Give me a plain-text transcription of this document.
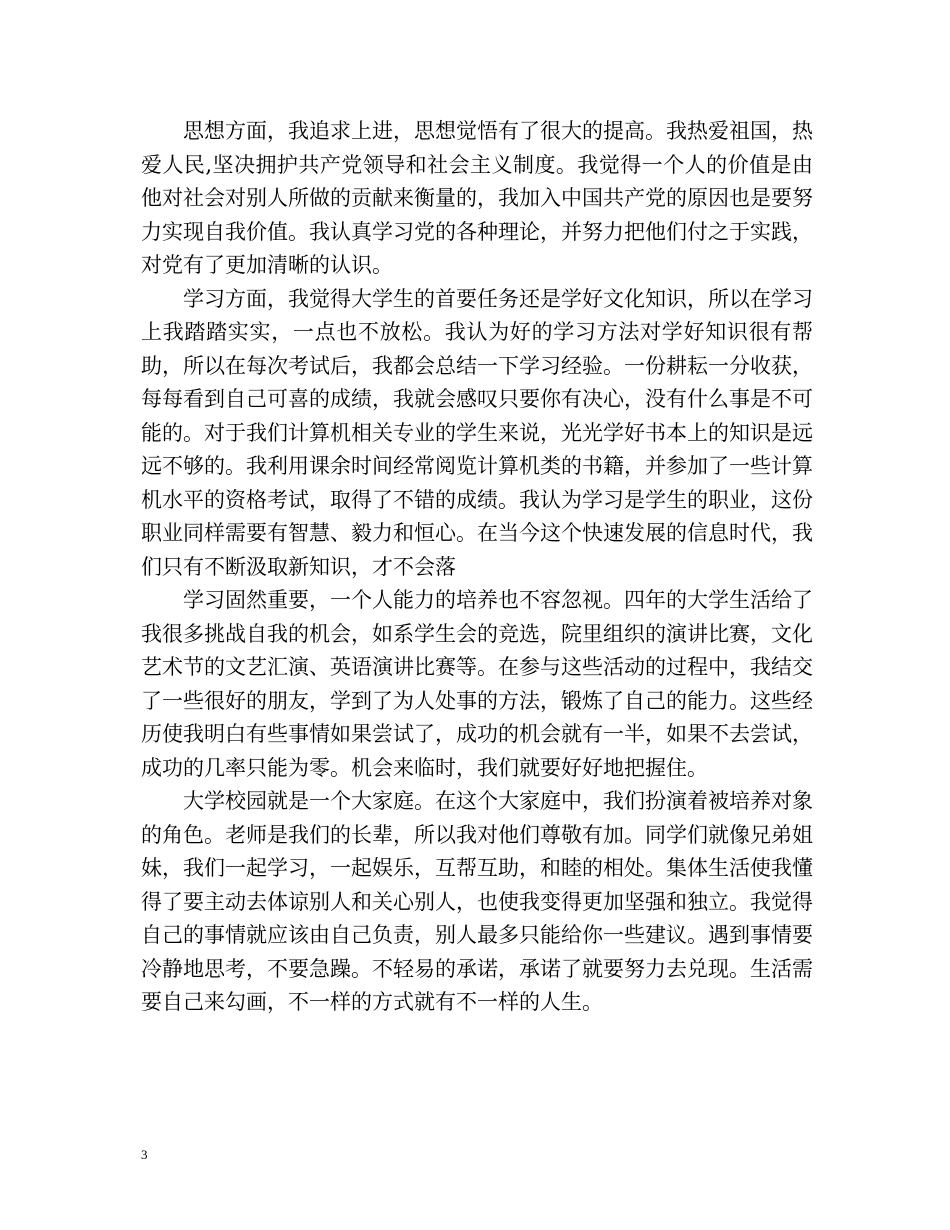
思想方面，我追求上进，思想觉悟有了很大的提高。我热爱祖国，热爱人民,坚决拥护共产党领导和社会主义制度。我觉得一个人的价值是由他对社会对别人所做的贡献来衡量的，我加入中国共产党的原因也是要努力实现自我价值。我认真学习党的各种理论，并努力把他们付之于实践，对党有了更加清晰的认识。

学习方面，我觉得大学生的首要任务还是学好文化知识，所以在学习上我踏踏实实，一点也不放松。我认为好的学习方法对学好知识很有帮助，所以在每次考试后，我都会总结一下学习经验。一份耕耘一分收获，每每看到自己可喜的成绩，我就会感叹只要你有决心，没有什么事是不可能的。对于我们计算机相关专业的学生来说，光光学好书本上的知识是远远不够的。我利用课余时间经常阅览计算机类的书籍，并参加了一些计算机水平的资格考试，取得了不错的成绩。我认为学习是学生的职业，这份职业同样需要有智慧、毅力和恒心。在当今这个快速发展的信息时代，我们只有不断汲取新知识，才不会落

学习固然重要，一个人能力的培养也不容忽视。四年的大学生活给了我很多挑战自我的机会，如系学生会的竞选，院里组织的演讲比赛，文化艺术节的文艺汇演、英语演讲比赛等。在参与这些活动的过程中，我结交了一些很好的朋友，学到了为人处事的方法，锻炼了自己的能力。这些经历使我明白有些事情如果尝试了，成功的机会就有一半，如果不去尝试，成功的几率只能为零。机会来临时，我们就要好好地把握住。

大学校园就是一个大家庭。在这个大家庭中，我们扮演着被培养对象的角色。老师是我们的长辈，所以我对他们尊敬有加。同学们就像兄弟姐妹，我们一起学习，一起娱乐，互帮互助，和睦的相处。集体生活使我懂得了要主动去体谅别人和关心别人，也使我变得更加坚强和独立。我觉得自己的事情就应该由自己负责，别人最多只能给你一些建议。遇到事情要冷静地思考，不要急躁。不轻易的承诺，承诺了就要努力去兑现。生活需要自己来勾画，不一样的方式就有不一样的人生。

3
